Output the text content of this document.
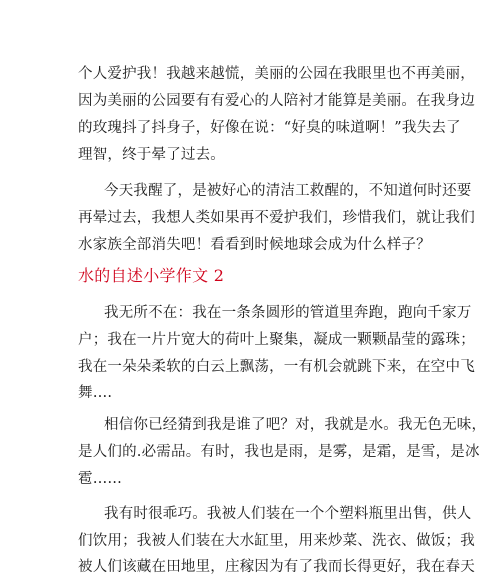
个人爱护我！我越来越慌，美丽的公园在我眼里也不再美丽，
因为美丽的公园要有有爱心的人陪衬才能算是美丽。在我身边
的玫瑰抖了抖身子，好像在说：“好臭的味道啊！”我失去了
理智，终于晕了过去。
今天我醒了，是被好心的清洁工救醒的，不知道何时还要
再晕过去，我想人类如果再不爱护我们，珍惜我们，就让我们
水家族全部消失吧！看看到时候地球会成为什么样子？
水的自述小学作文 2
我无所不在：我在一条条圆形的管道里奔跑，跑向千家万
户；我在一片片宽大的荷叶上聚集，凝成一颗颗晶莹的露珠；
我在一朵朵柔软的白云上飘荡，一有机会就跳下来，在空中飞
舞….
相信你已经猜到我是谁了吧？对，我就是水。我无色无味，
是人们的.必需品。有时，我也是雨，是雾，是霜，是雪，是冰
雹……
我有时很乖巧。我被人们装在一个个塑料瓶里出售，供人
们饮用；我被人们装在大水缸里，用来炒菜、洗衣、做饭；我
被人们该藏在田地里，庄稼因为有了我而长得更好，我在春天
